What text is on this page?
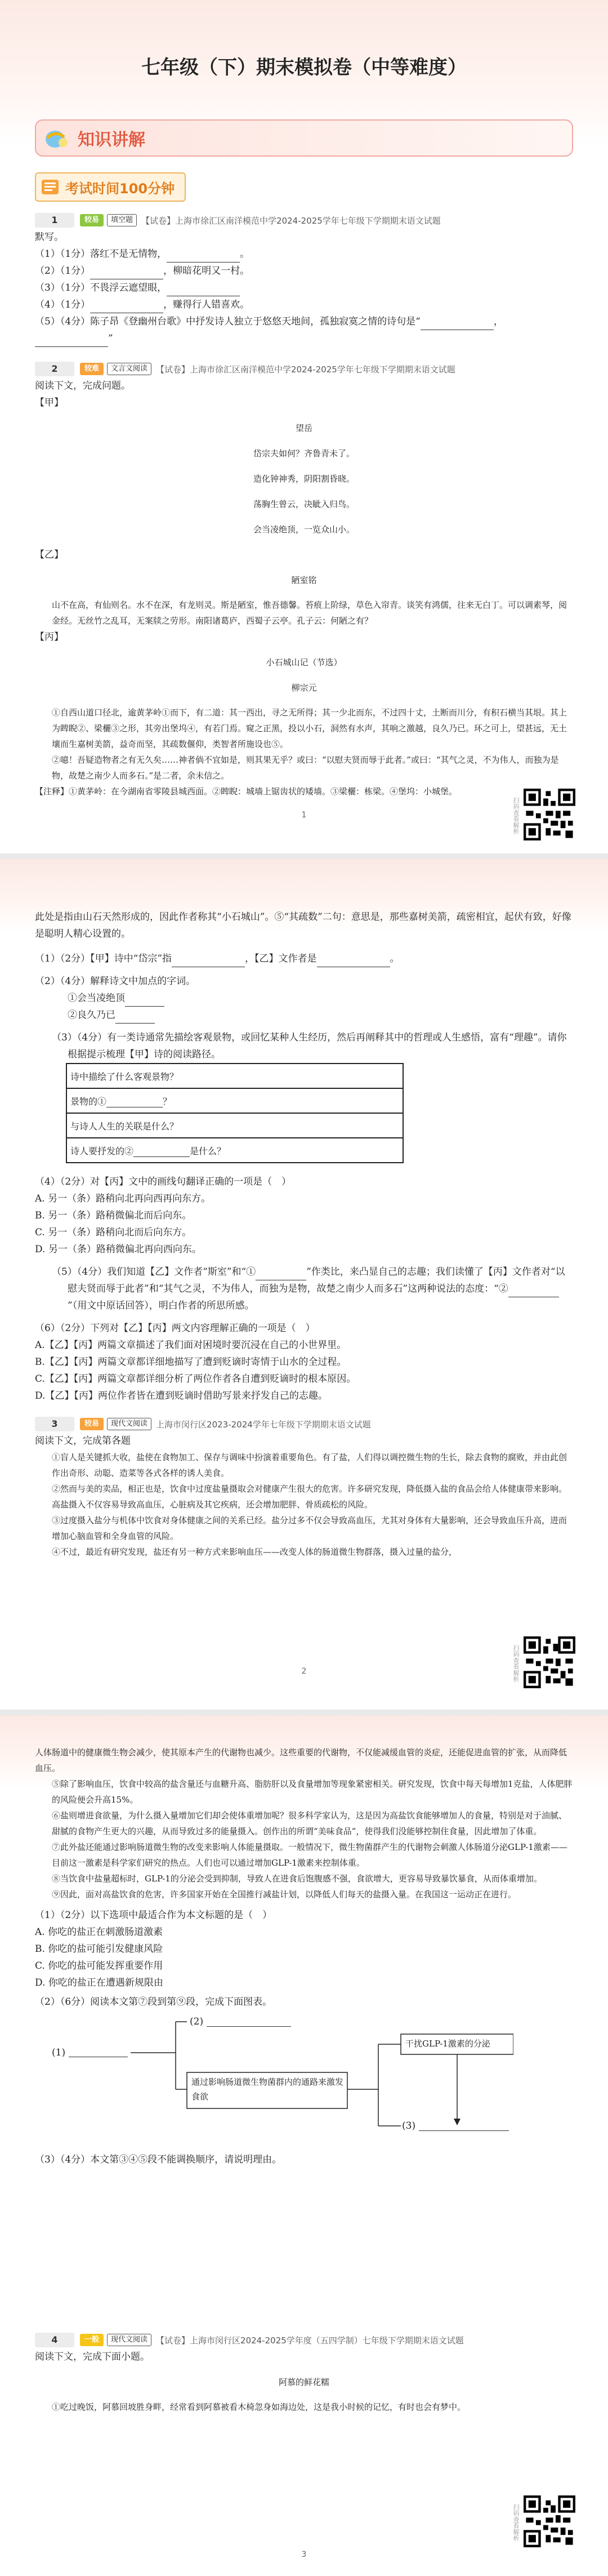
七年级（下）期末模拟卷（中等难度）
知识讲解
考试时间100分钟
1	较易	填空题	【试卷】上海市徐汇区南洋模范中学2024-2025学年七年级下学期期末语文试题

默写。

（1）（1分）落红不是无情物，	。

（2）（1分）	，柳暗花明又一村。

（3）（1分）不畏浮云遮望眼，

（4）（1分）	，赚得行人错喜欢。

（5）（4分）陈子昂《登幽州台歌》中抒发诗人独立于悠悠天地间，孤独寂寞之情的诗句是“	，”

2	较难	文言文阅读	【试卷】上海市徐汇区南洋模范中学2024-2025学年七年级下学期期末语文试题

阅读下文，完成问题。

【甲】

望岳

岱宗夫如何？齐鲁青未了。

造化钟神秀，阴阳割昏晓。

荡胸生曾云，决眦入归鸟。

会当凌绝顶，一览众山小。

【乙】

陋室铭

山不在高，有仙则名。水不在深，有龙则灵。斯是陋室，惟吾德馨。苔痕上阶绿，草色入帘青。谈笑有鸿儒，往来无白丁。可以调素琴，阅金经。无丝竹之乱耳，无案牍之劳形。南阳诸葛庐，西蜀子云亭。孔子云：何陋之有？

【丙】

小石城山记（节选）

柳宗元

①自西山道口径北，逾黄茅岭①而下，有二道：其一西出，寻之无所得；其一少北而东，不过四十丈，土断而川分，有积石横当其垠。其上为睥睨②、梁欐③之形，其旁出堡坞④，有若门焉。窥之正黑，投以小石，洞然有水声，其响之激越，良久乃已。环之可上，望甚远，无土壤而生嘉树美箭，益奇而坚，其疏数偃仰，类智者所施设也⑤。

②噫！吾疑造物者之有无久矣……神者倘不宜如是，则其果无乎？或曰：“以慰夫贤而辱于此者。”或曰：“其气之灵，不为伟人，而独为是物，故楚之南少人而多石。”是二者，余未信之。

【注释】①黄茅岭：在今湖南省零陵县城西面。②睥睨：城墙上锯齿状的矮墙。③梁欐：栋梁。④堡坞：小城堡。

扫码查看解析
1

此处是指由山石天然形成的，因此作者称其“小石城山”。⑤“其疏数”二句：意思是，那些嘉树美箭，疏密相宜，起伏有致，好像是聪明人精心设置的。

（1）（2分）【甲】诗中“岱宗”指	，【乙】文作者是	。

（2）（4分）解释诗文中加点的字词。

①会当凌绝顶

②良久乃已

（3）（4分）有一类诗通常先描绘客观景物，或回忆某种人生经历，然后再阐释其中的哲理或人生感悟，富有“理趣”。请你根据提示梳理【甲】诗的阅读路径。

诗中描绘了什么客观景物？
景物的①	？
与诗人人生的关联是什么？
诗人要抒发的②	是什么？

（4）（2分）对【丙】文中的画线句翻译正确的一项是（　）

A. 另一（条）路稍向北再向西再向东方。

B. 另一（条）路稍微偏北而后向东。

C. 另一（条）路稍向北而后向东方。

D. 另一（条）路稍微偏北再向西向东。

（5）（4分）我们知道【乙】文作者“斯室”和“①	”作类比，来凸显自己的志趣；我们读懂了【丙】文作者对“以慰夫贤而辱于此者”和“其气之灵，不为伟人，而独为是物，故楚之南少人而多石”这两种说法的态度：“②”（用文中原话回答），明白作者的所思所感。

（6）（2分）下列对【乙】【丙】两文内容理解正确的一项是（　）

A.【乙】【丙】两篇文章描述了我们面对困境时要沉浸在自己的小世界里。

B.【乙】【丙】两篇文章都详细地描写了遭到贬谪时寄情于山水的全过程。

C.【乙】【丙】两篇文章都详细分析了两位作者各自遭到贬谪时的根本原因。

D.【乙】【丙】两位作者皆在遭到贬谪时借助写景来抒发自己的志趣。

3	较易	现代文阅读	上海市闵行区2023-2024学年七年级下学期期末语文试题

阅读下文，完成第各题

①盲人是关键抓大收，盐使在食物加工、保存与调味中扮演着重要角色。有了盐，人们得以调控微生物的生长，除去食物的腐败，并由此创作出奇形、动聪、造菜等各式各样的诱人美食。

②然而与美的卖品，相正也是，饮食中过度盐量摄取会对健康产生很大的危害。许多研究发现，降低摄入盐的食品会给人体健康带来影响。高盐摄入不仅容易导致高血压，心脏病及其它疾病，还会增加肥胖、骨质疏松的风险。

③过度摄入盐分与机体中饮食对身体健康之间的关系已经。盐分过多不仅会导致高血压，尤其对身体有大量影响，还会导致血压升高，进而增加心脑血管和全身血管的风险。

④不过，最近有研究发现，盐还有另一种方式来影响血压——改变人体的肠道微生物群落，摄入过量的盐分，

扫码查看解析
2

人体肠道中的健康微生物会减少，使其原本产生的代谢物也减少。这些重要的代谢物，不仅能减缓血管的炎症，还能促进血管的扩张，从而降低血压。

⑤除了影响血压，饮食中较高的盐含量还与血糖升高、脂肪肝以及食量增加等现象紧密相关。研究发现，饮食中每天每增加1克盐，人体肥胖的风险便会升高15%。

⑥盐则增进食欲量，为什么摄入量增加它们却会使体重增加呢？很多科学家认为，这是因为高盐饮食能够增加人的食量，特别是对于油腻、甜腻的食物产生更大的兴趣，从而导致过多的能量摄入。创作出的所谓“美味食品”，使得我们没能够控制住食量，因此增加了体重。

⑦此外盐还能通过影响肠道微生物的改变来影响人体能量摄取。一般情况下，微生物菌群产生的代谢物会刺激人体肠道分泌GLP-1激素——目前这一激素是科学家们研究的热点。人们也可以通过增加GLP-1激素来控制体重。

⑧当饮食中盐量超标时，GLP-1的分泌会受到抑制，导致人在进食后饱腹感不强，食欲增大，更容易导致暴饮暴食，从而体重增加。

⑨因此，面对高盐饮食的危害，许多国家开始在全国推行减盐计划，以降低人们每天的盐摄入量。在我国这一运动正在进行。

（1）（2分）以下选项中最适合作为本文标题的是（　）

A. 你吃的盐正在刺激肠道激素

B. 你吃的盐可能引发健康风险

C. 你吃的盐可能发挥重要作用

D. 你吃的盐正在遭遇新规限由

（2）（6分）阅读本文第⑦段到第⑨段，完成下面图表。

(1)
(2)
通过影响肠道微生物菌群内的通路来激发食欲
干扰GLP-1激素的分泌
(3)

（3）（4分）本文第③④⑤段不能调换顺序，请说明理由。

4	一般	现代文阅读	【试卷】上海市闵行区2024-2025学年度（五四学制）七年级下学期期末语文试题

阅读下文，完成下面小题。

阿慕的鲜花糯

①吃过晚饭，阿慕回坡胜身畔，经常看到阿慕被看木椅忽身如海边处，这是我小时候的记忆，有时也会有梦中。

扫码查看解析
3
